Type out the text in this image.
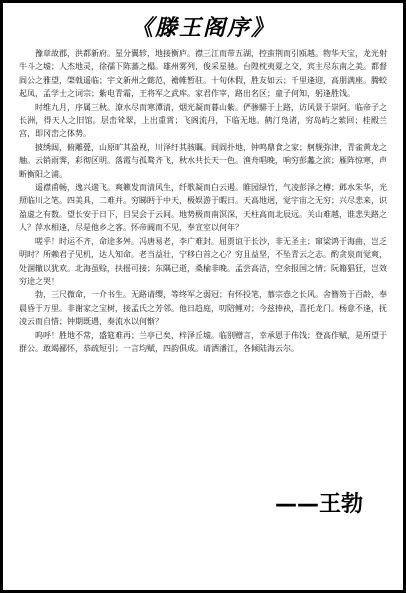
《滕王阁序》

豫章故郡，洪都新府。星分翼轸，地接衡庐。襟三江而带五湖，控蛮荆而引瓯越。物华天宝，龙光射牛斗之墟；人杰地灵，徐孺下陈蕃之榻。雄州雾列，俊采星驰。台隍枕夷夏之交，宾主尽东南之美。都督阎公之雅望，棨戟遥临；宇文新州之懿范，襜帷暂驻。十旬休假，胜友如云；千里逢迎，高朋满座。腾蛟起凤，孟学士之词宗；紫电青霜，王将军之武库。家君作宰，路出名区；童子何知，躬逢胜饯。

时维九月，序属三秋。潦水尽而寒潭清，烟光凝而暮山紫。俨骖騑于上路，访风景于崇阿。临帝子之长洲，得天人之旧馆。层峦耸翠，上出重霄；飞阁流丹，下临无地。鹤汀凫渚，穷岛屿之萦回；桂殿兰宫，即冈峦之体势。

披绣闼，俯雕甍，山原旷其盈视，川泽纡其骇瞩。闾阎扑地，钟鸣鼎食之家；舸舰弥津，青雀黄龙之舳。云销雨霁，彩彻区明。落霞与孤鹜齐飞，秋水共长天一色。渔舟唱晚，响穷彭蠡之滨；雁阵惊寒，声断衡阳之浦。

遥襟甫畅，逸兴遄飞。爽籁发而清风生，纤歌凝而白云遏。睢园绿竹，气凌彭泽之樽；邺水朱华，光照临川之笔。四美具，二难并。穷睇眄于中天，极娱游于暇日。天高地迥，觉宇宙之无穷；兴尽悲来，识盈虚之有数。望长安于日下，目吴会于云间。地势极而南溟深，天柱高而北辰远。关山难越，谁悲失路之人？萍水相逢，尽是他乡之客。怀帝阍而不见，奉宣室以何年？

嗟乎！时运不齐，命途多舛。冯唐易老，李广难封。屈贾谊于长沙，非无圣主；窜梁鸿于海曲，岂乏明时？所赖君子见机，达人知命。老当益壮，宁移白首之心？穷且益坚，不坠青云之志。酌贪泉而觉爽，处涸辙以犹欢。北海虽赊，扶摇可接；东隅已逝，桑榆非晚。孟尝高洁，空余报国之情；阮籍猖狂，岂效穷途之哭！

勃，三尺微命，一介书生。无路请缨，等终军之弱冠；有怀投笔，慕宗悫之长风。舍簪笏于百龄，奉晨昏于万里。非谢家之宝树，接孟氏之芳邻。他日趋庭，叨陪鲤对；今兹捧袂，喜托龙门。杨意不逢，抚凌云而自惜；钟期既遇，奏流水以何惭？

呜呼！胜地不常，盛筵难再；兰亭已矣，梓泽丘墟。临别赠言，幸承恩于伟饯；登高作赋，是所望于群公。敢竭鄙怀，恭疏短引；一言均赋，四韵俱成。请洒潘江，各倾陆海云尔。

——王勃
